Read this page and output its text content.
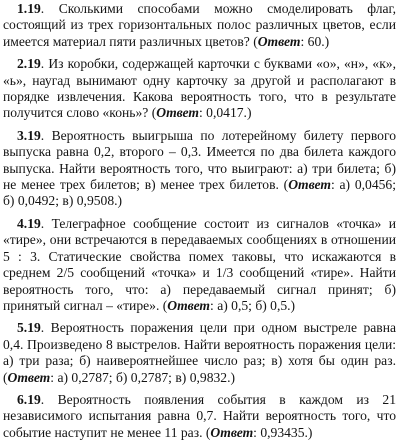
1.19. Сколькими способами можно смоделировать флаг, состоящий из трех горизонтальных полос различных цветов, если имеется материал пяти различных цветов? (Ответ: 60.)

2.19. Из коробки, содержащей карточки с буквами «о», «н», «к», «ь», наугад вынимают одну карточку за другой и располагают в порядке извлечения. Какова вероятность того, что в результате получится слово «конь»? (Ответ: 0,0417.)

3.19. Вероятность выигрыша по лотерейному билету первого выпуска равна 0,2, второго – 0,3. Имеется по два билета каждого выпуска. Найти вероятность того, что выиграют: а) три билета; б) не менее трех билетов; в) менее трех билетов. (Ответ: а) 0,0456; б) 0,0492; в) 0,9508.)

4.19. Телеграфное сообщение состоит из сигналов «точка» и «тире», они встречаются в передаваемых сообщениях в отношении 5 : 3. Статические свойства помех таковы, что искажаются в среднем 2/5 сообщений «точка» и 1/3 сообщений «тире». Найти вероятность того, что: а) передаваемый сигнал принят; б) принятый сигнал – «тире». (Ответ: а) 0,5; б) 0,5.)

5.19. Вероятность поражения цели при одном выстреле равна 0,4. Произведено 8 выстрелов. Найти вероятность поражения цели: а) три раза; б) наивероятнейшее число раз; в) хотя бы один раз. (Ответ: а) 0,2787; б) 0,2787; в) 0,9832.)

6.19. Вероятность появления события в каждом из 21 независимого испытания равна 0,7. Найти вероятность того, что событие наступит не менее 11 раз. (Ответ: 0,93435.)
